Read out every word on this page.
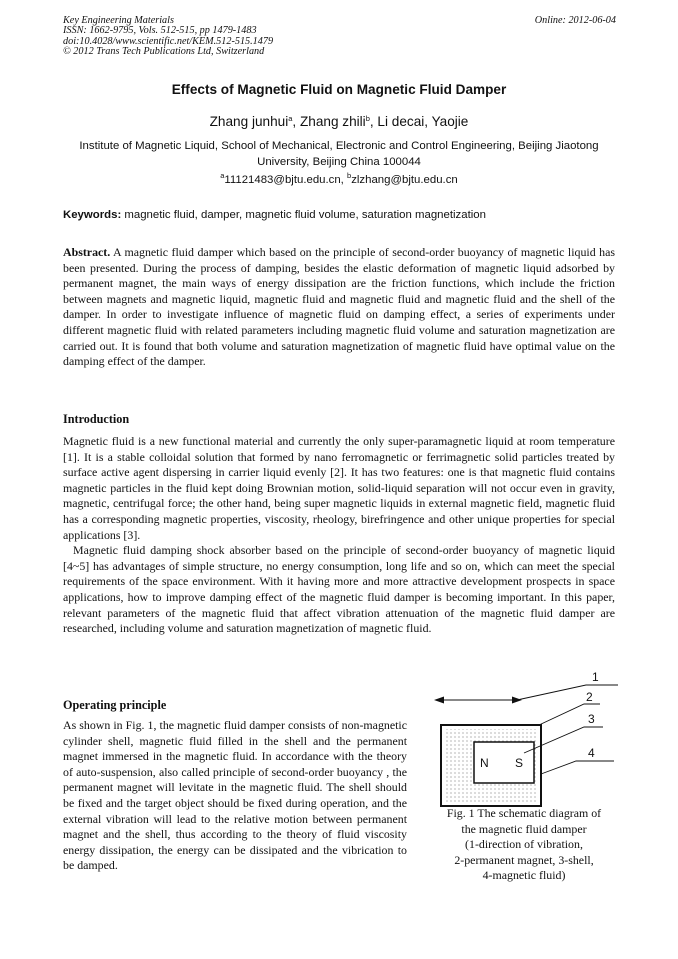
Key Engineering Materials
ISSN: 1662-9795, Vols. 512-515, pp 1479-1483
doi:10.4028/www.scientific.net/KEM.512-515.1479
© 2012 Trans Tech Publications Ltd, Switzerland
Online: 2012-06-04
Effects of Magnetic Fluid on Magnetic Fluid Damper
Zhang junhui$^a$, Zhang zhili$^b$, Li decai, Yaojie
Institute of Magnetic Liquid, School of Mechanical, Electronic and Control Engineering, Beijing Jiaotong University, Beijing China 100044
$^a$11121483@bjtu.edu.cn, $^b$zlzhang@bjtu.edu.cn
Keywords: magnetic fluid, damper, magnetic fluid volume, saturation magnetization
Abstract. A magnetic fluid damper which based on the principle of second-order buoyancy of magnetic liquid has been presented. During the process of damping, besides the elastic deformation of magnetic liquid adsorbed by permanent magnet, the main ways of energy dissipation are the friction functions, which include the friction between magnets and magnetic liquid, magnetic fluid and magnetic fluid and magnetic fluid and the shell of the damper. In order to investigate influence of magnetic fluid on damping effect, a series of experiments under different magnetic fluid with related parameters including magnetic fluid volume and saturation magnetization are carried out. It is found that both volume and saturation magnetization of magnetic fluid have optimal value on the damping effect of the damper.
Introduction

Magnetic fluid is a new functional material and currently the only super-paramagnetic liquid at room temperature [1]. It is a stable colloidal solution that formed by nano ferromagnetic or ferrimagnetic solid particles treated by surface active agent dispersing in carrier liquid evenly [2]. It has two features: one is that magnetic fluid contains magnetic particles in the fluid kept doing Brownian motion, solid-liquid separation will not occur even in gravity, magnetic, centrifugal force; the other hand, being super magnetic liquids in external magnetic field, magnetic fluid has a corresponding magnetic properties, viscosity, rheology, birefringence and other unique properties for special applications [3].

Magnetic fluid damping shock absorber based on the principle of second-order buoyancy of magnetic liquid [4~5] has advantages of simple structure, no energy consumption, long life and so on, which can meet the special requirements of the space environment. With it having more and more attractive development prospects in space applications, how to improve damping effect of the magnetic fluid damper is becoming important. In this paper, relevant parameters of the magnetic fluid that affect vibration attenuation of the magnetic fluid damper are researched, including volume and saturation magnetization of magnetic fluid.

Operating principle
As shown in Fig. 1, the magnetic fluid damper consists of non-magnetic cylinder shell, magnetic fluid filled in the shell and the permanent magnet immersed in the magnetic fluid. In accordance with the theory of auto-suspension, also called principle of second-order buoyancy , the permanent magnet will levitate in the magnetic fluid. The shell should be fixed and the target object should be fixed during operation, and the external vibration will lead to the relative motion between permanent magnet and the shell, thus according to the theory of fluid viscosity energy dissipation, the energy can be dissipated and the vibrication to be damped.
N S
1
2
3
4
Fig. 1 The schematic diagram of
the magnetic fluid damper
(1-direction of vibration,
2-permanent magnet, 3-shell,
4-magnetic fluid)
